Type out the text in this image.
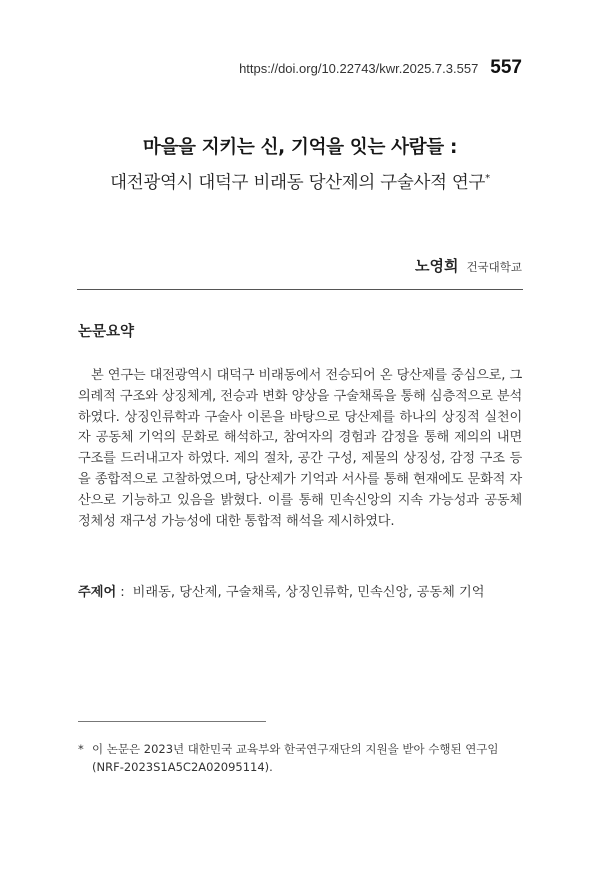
https://doi.org/10.22743/kwr.2025.7.3.557 557
마을을 지키는 신, 기억을 잇는 사람들 :
대전광역시 대덕구 비래동 당산제의 구술사적 연구*
노영희 건국대학교
논문요약

본 연구는 대전광역시 대덕구 비래동에서 전승되어 온 당산제를 중심으로, 그 의례적 구조와 상징체계, 전승과 변화 양상을 구술채록을 통해 심층적으로 분석하였다. 상징인류학과 구술사 이론을 바탕으로 당산제를 하나의 상징적 실천이자 공동체 기억의 문화로 해석하고, 참여자의 경험과 감정을 통해 제의의 내면 구조를 드러내고자 하였다. 제의 절차, 공간 구성, 제물의 상징성, 감정 구조 등을 종합적으로 고찰하였으며, 당산제가 기억과 서사를 통해 현재에도 문화적 자산으로 기능하고 있음을 밝혔다. 이를 통해 민속신앙의 지속 가능성과 공동체 정체성 재구성 가능성에 대한 통합적 해석을 제시하였다.

주제어 : 비래동, 당산제, 구술채록, 상징인류학, 민속신앙, 공동체 기억
* 이 논문은 2023년 대한민국 교육부와 한국연구재단의 지원을 받아 수행된 연구임 (NRF-2023S1A5C2A02095114).
